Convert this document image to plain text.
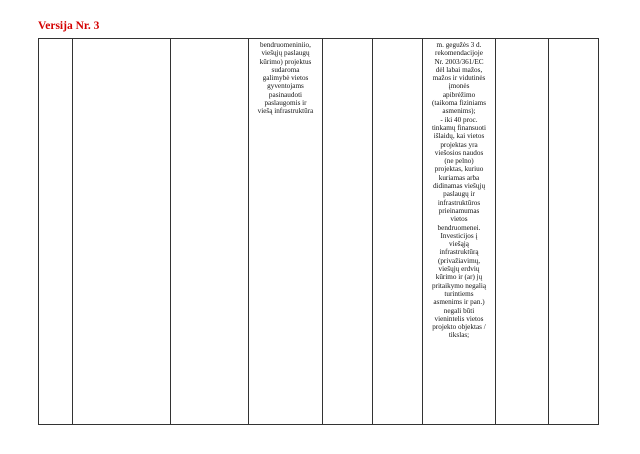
Versija Nr. 3
bendruomeniniio,
viešųjų paslaugų
kūrimo) projektus
sudaroma
galimybė vietos
gyventojams
pasinaudoti
paslaugomis ir
viešą infrastruktūra
m. gegužės 3 d.
rekomendacijoje
Nr. 2003/361/EC
dėl labai mažos,
mažos ir vidutinės
įmonės
apibrėžimo
(taikoma fiziniams
asmenims);
- iki 40 proc.
tinkamų finansuoti
išlaidų, kai vietos
projektas yra
viešosios naudos
(ne pelno)
projektas, kuriuo
kuriamas arba
didinamas viešųjų
paslaugų ir
infrastruktūros
prieinamumas
vietos
bendruomenei.
Investicijos į
viešąją
infrastruktūrą
(privažiavimų,
viešųjų erdvių
kūrimo ir (ar) jų
pritaikymo negalią
turintiems
asmenims ir pan.)
negali būti
vienintelis vietos
projekto objektas /
tikslas;
